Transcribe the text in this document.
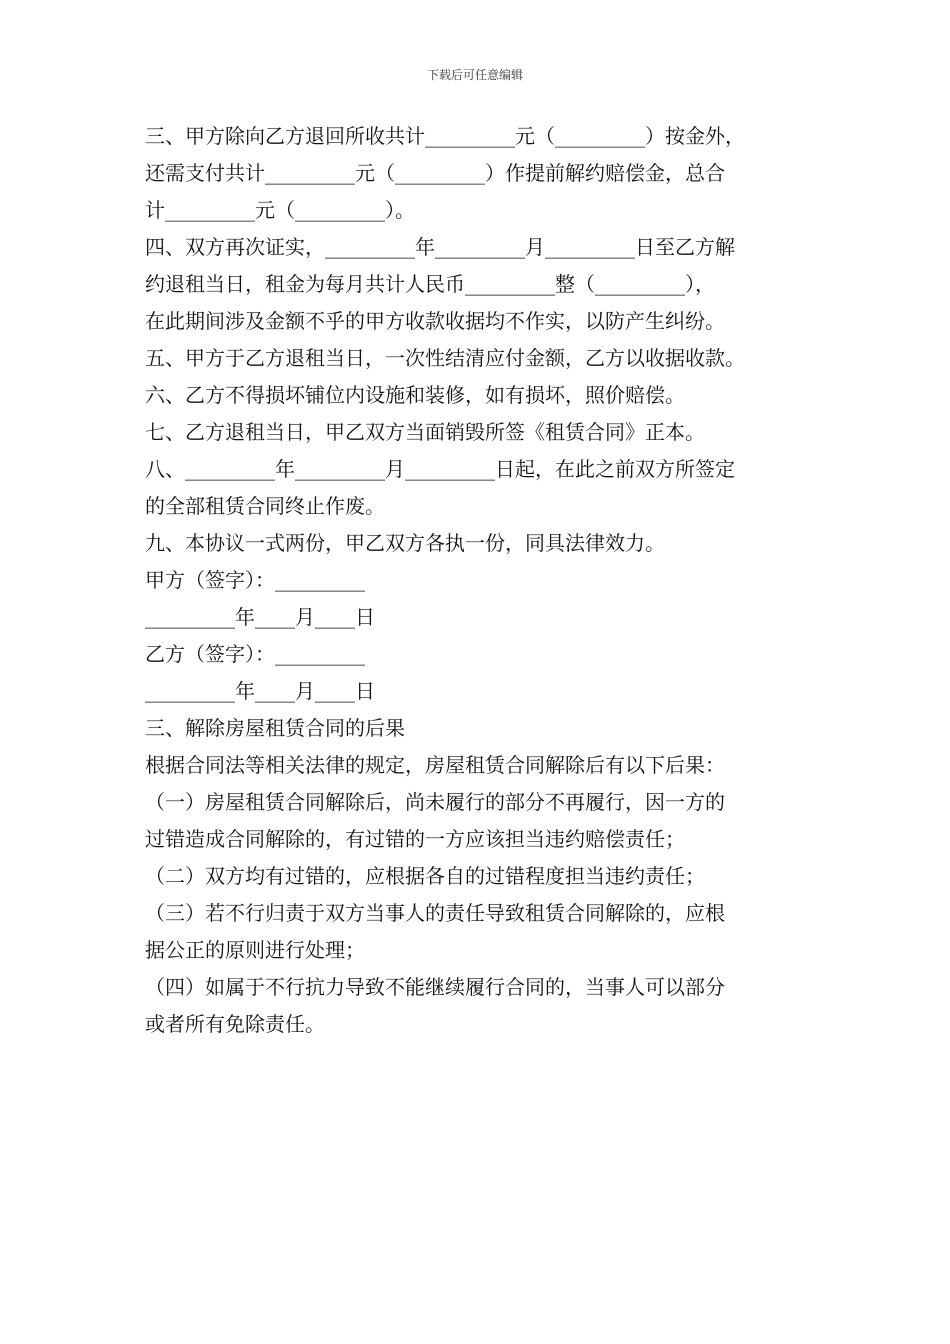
下载后可任意编辑
三、甲方除向乙方退回所收共计_________元（_________）按金外，
还需支付共计_________元（_________）作提前解约赔偿金，总合
计_________元（_________）。
四、双方再次证实，_________年_________月_________日至乙方解
约退租当日，租金为每月共计人民币_________整（_________），
在此期间涉及金额不乎的甲方收款收据均不作实，以防产生纠纷。
五、甲方于乙方退租当日，一次性结清应付金额，乙方以收据收款。
六、乙方不得损坏铺位内设施和装修，如有损坏，照价赔偿。
七、乙方退租当日，甲乙双方当面销毁所签《租赁合同》正本。
八、_________年_________月_________日起，在此之前双方所签定
的全部租赁合同终止作废。
九、本协议一式两份，甲乙双方各执一份，同具法律效力。
甲方（签字）：_________
_________年____月____日
乙方（签字）：_________
_________年____月____日
三、解除房屋租赁合同的后果
根据合同法等相关法律的规定，房屋租赁合同解除后有以下后果：
（一）房屋租赁合同解除后，尚未履行的部分不再履行，因一方的
过错造成合同解除的，有过错的一方应该担当违约赔偿责任；
（二）双方均有过错的，应根据各自的过错程度担当违约责任；
（三）若不行归责于双方当事人的责任导致租赁合同解除的，应根
据公正的原则进行处理；
（四）如属于不行抗力导致不能继续履行合同的，当事人可以部分
或者所有免除责任。
